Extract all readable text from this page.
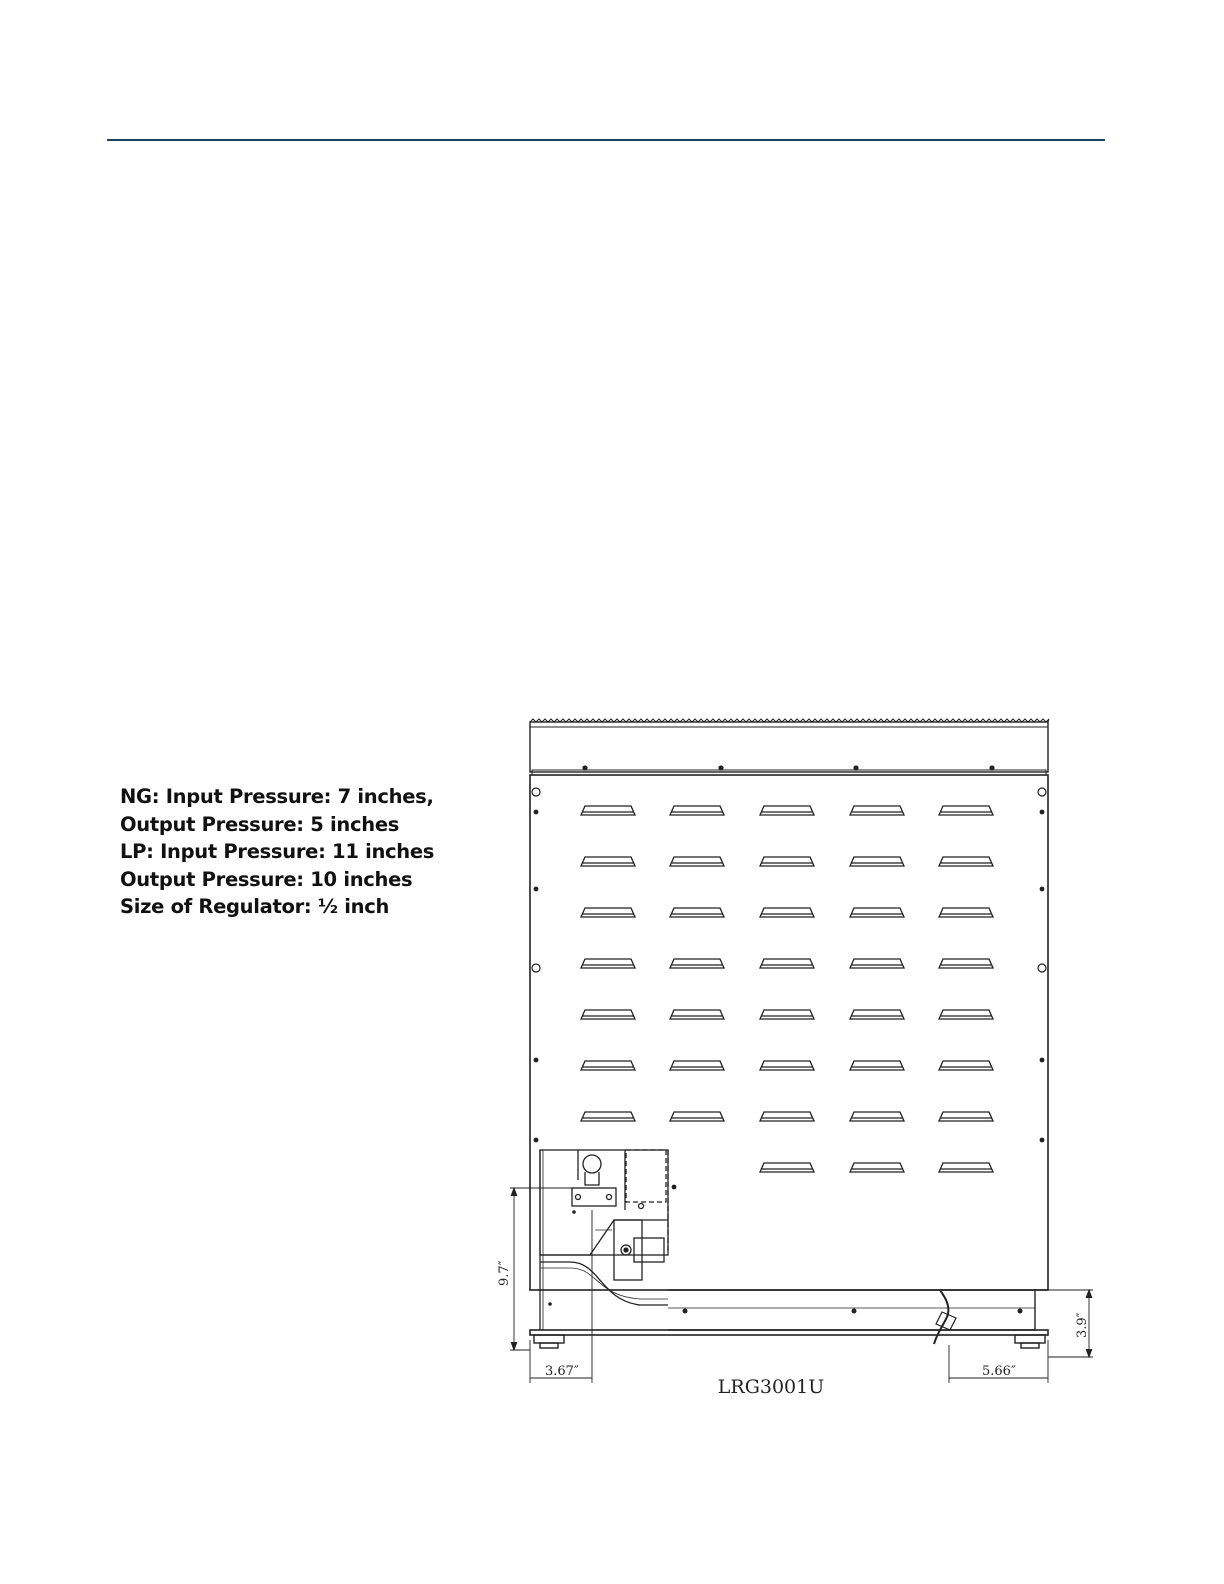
NG: Input Pressure: 7 inches,
Output Pressure: 5 inches
LP: Input Pressure: 11 inches
Output Pressure: 10 inches
Size of Regulator: ½ inch
9.7″
3.67″	5.66″
3.9″
LRG3001U
